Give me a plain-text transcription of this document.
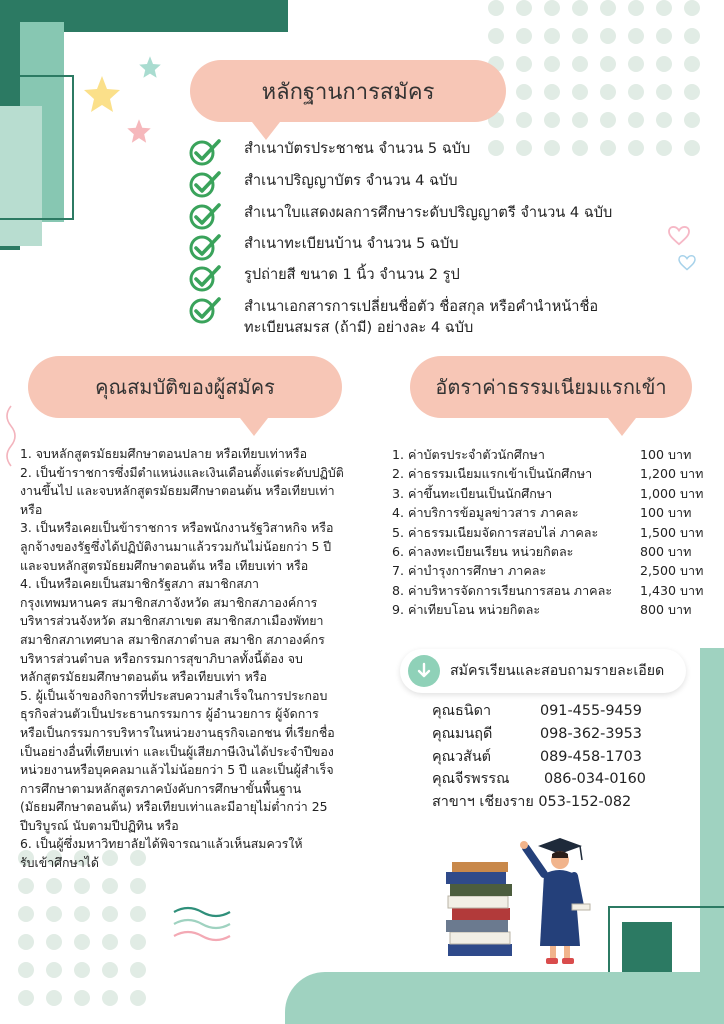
หลักฐานการสมัคร
สำเนาบัตรประชาชน จำนวน 5 ฉบับ
สำเนาปริญญาบัตร จำนวน 4 ฉบับ
สำเนาใบแสดงผลการศึกษาระดับปริญญาตรี จำนวน 4 ฉบับ
สำเนาทะเบียนบ้าน จำนวน 5 ฉบับ
รูปถ่ายสี ขนาด 1 นิ้ว จำนวน 2 รูป
สำเนาเอกสารการเปลี่ยนชื่อตัว ชื่อสกุล หรือคำนำหน้าชื่อ
ทะเบียนสมรส (ถ้ามี) อย่างละ 4 ฉบับ
คุณสมบัติของผู้สมัคร

1. จบหลักสูตรมัธยมศึกษาตอนปลาย หรือเทียบเท่าหรือ

2. เป็นข้าราชการซึ่งมีตำแหน่งและเงินเดือนตั้งแต่ระดับปฏิบัติ

งานขึ้นไป และจบหลักสูตรมัธยมศึกษาตอนต้น หรือเทียบเท่า

หรือ

3. เป็นหรือเคยเป็นข้าราชการ หรือพนักงานรัฐวิสาหกิจ หรือ

ลูกจ้างของรัฐซึ่งได้ปฏิบัติงานมาแล้วรวมกันไม่น้อยกว่า 5 ปี

และจบหลักสูตรมัธยมศึกษาตอนต้น หรือ เทียบเท่า หรือ

4. เป็นหรือเคยเป็นสมาชิกรัฐสภา สมาชิกสภา

กรุงเทพมหานคร สมาชิกสภาจังหวัด สมาชิกสภาองค์การ

บริหารส่วนจังหวัด สมาชิกสภาเขต สมาชิกสภาเมืองพัทยา

สมาชิกสภาเทศบาล สมาชิกสภาตำบล สมาชิก สภาองค์กร

บริหารส่วนตำบล หรือกรรมการสุขาภิบาลทั้งนี้ต้อง จบ

หลักสูตรมัธยมศึกษาตอนต้น หรือเทียบเท่า หรือ

5. ผู้เป็นเจ้าของกิจการที่ประสบความสำเร็จในการประกอบ

ธุรกิจส่วนตัวเป็นประธานกรรมการ ผู้อำนวยการ ผู้จัดการ

หรือเป็นกรรมการบริหารในหน่วยงานธุรกิจเอกชน ที่เรียกชื่อ

เป็นอย่างอื่นที่เทียบเท่า และเป็นผู้เสียภาษีเงินได้ประจำปีของ

หน่วยงานหรือบุคคลมาแล้วไม่น้อยกว่า 5 ปี และเป็นผู้สำเร็จ

การศึกษาตามหลักสูตรภาคบังคับการศึกษาขั้นพื้นฐาน

(มัธยมศึกษาตอนต้น) หรือเทียบเท่าและมีอายุไม่ต่ำกว่า 25

ปีบริบูรณ์ นับตามปีปฏิทิน หรือ

6. เป็นผู้ซึ่งมหาวิทยาลัยได้พิจารณาแล้วเห็นสมควรให้

รับเข้าศึกษาได้

อัตราค่าธรรมเนียมแรกเข้า
1. ค่าบัตรประจำตัวนักศึกษา	100 บาท
2. ค่าธรรมเนียมแรกเข้าเป็นนักศึกษา	1,200 บาท
3. ค่าขึ้นทะเบียนเป็นนักศึกษา	1,000 บาท
4. ค่าบริการข้อมูลข่าวสาร ภาคละ	100 บาท
5. ค่าธรรมเนียมจัดการสอบไล่ ภาคละ	1,500 บาท
6. ค่าลงทะเบียนเรียน หน่วยกิตละ	800 บาท
7. ค่าบำรุงการศึกษา ภาคละ	2,500 บาท
8. ค่าบริหารจัดการเรียนการสอน ภาคละ	1,430 บาท
9. ค่าเทียบโอน หน่วยกิตละ	800 บาท
สมัครเรียนและสอบถามรายละเอียด
คุณธนิดา	091-455-9459
คุณมนฤดี	098-362-3953
คุณวสันต์	089-458-1703
คุณจีรพรรณ	086-034-0160
สาขาฯ เชียงราย 053-152-082
